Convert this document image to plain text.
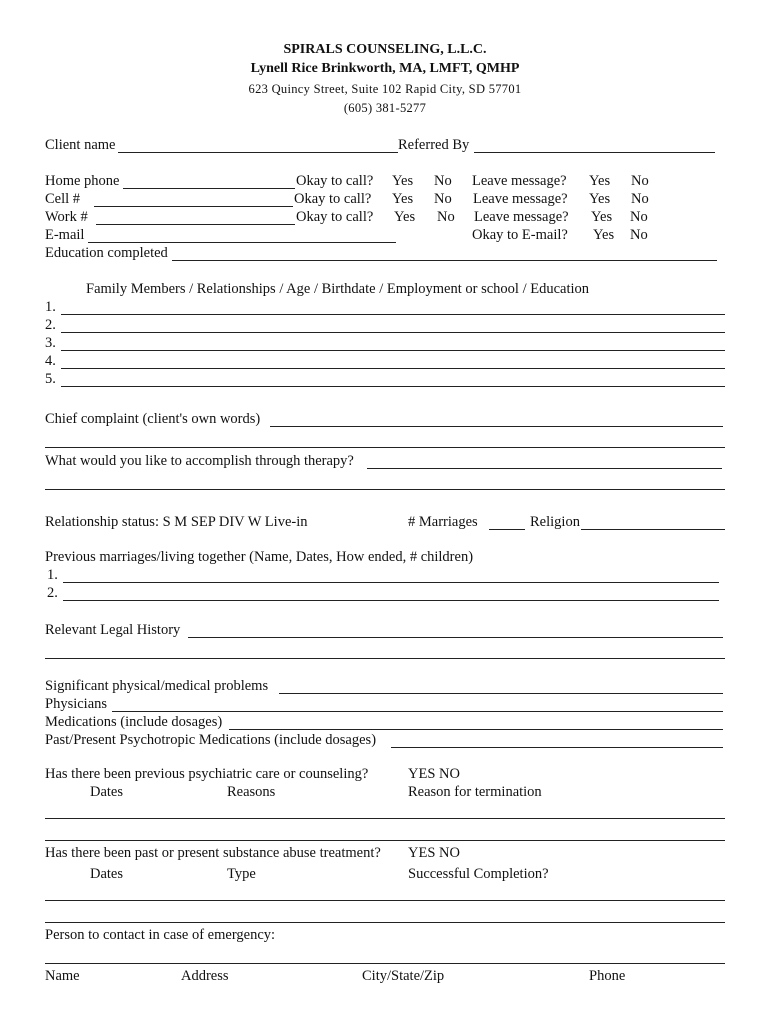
SPIRALS COUNSELING, L.L.C.
Lynell Rice Brinkworth, MA, LMFT, QMHP
623 Quincy Street, Suite 102 Rapid City, SD 57701
(605) 381-5277
Client name	Referred By
Home phone	Okay to call? Yes No Leave message? Yes No
Cell #	Okay to call? Yes No Leave message? Yes No
Work #	Okay to call? Yes No Leave message? Yes No
E-mail	Okay to E-mail? Yes No
Education completed
Family Members / Relationships / Age / Birthdate / Employment or school / Education
1.
2.
3.
4.
5.
Chief complaint (client's own words)
What would you like to accomplish through therapy?
Relationship status: S M SEP DIV W Live-in	# Marriages	Religion
Previous marriages/living together (Name, Dates, How ended, # children)
1.
2.
Relevant Legal History
Significant physical/medical problems
Physicians
Medications (include dosages)
Past/Present Psychotropic Medications (include dosages)
Has there been previous psychiatric care or counseling?	YES NO
Dates	Reasons	Reason for termination
Has there been past or present substance abuse treatment? YES NO
Dates	Type	Successful Completion?
Person to contact in case of emergency:
Name	Address	City/State/Zip	Phone
